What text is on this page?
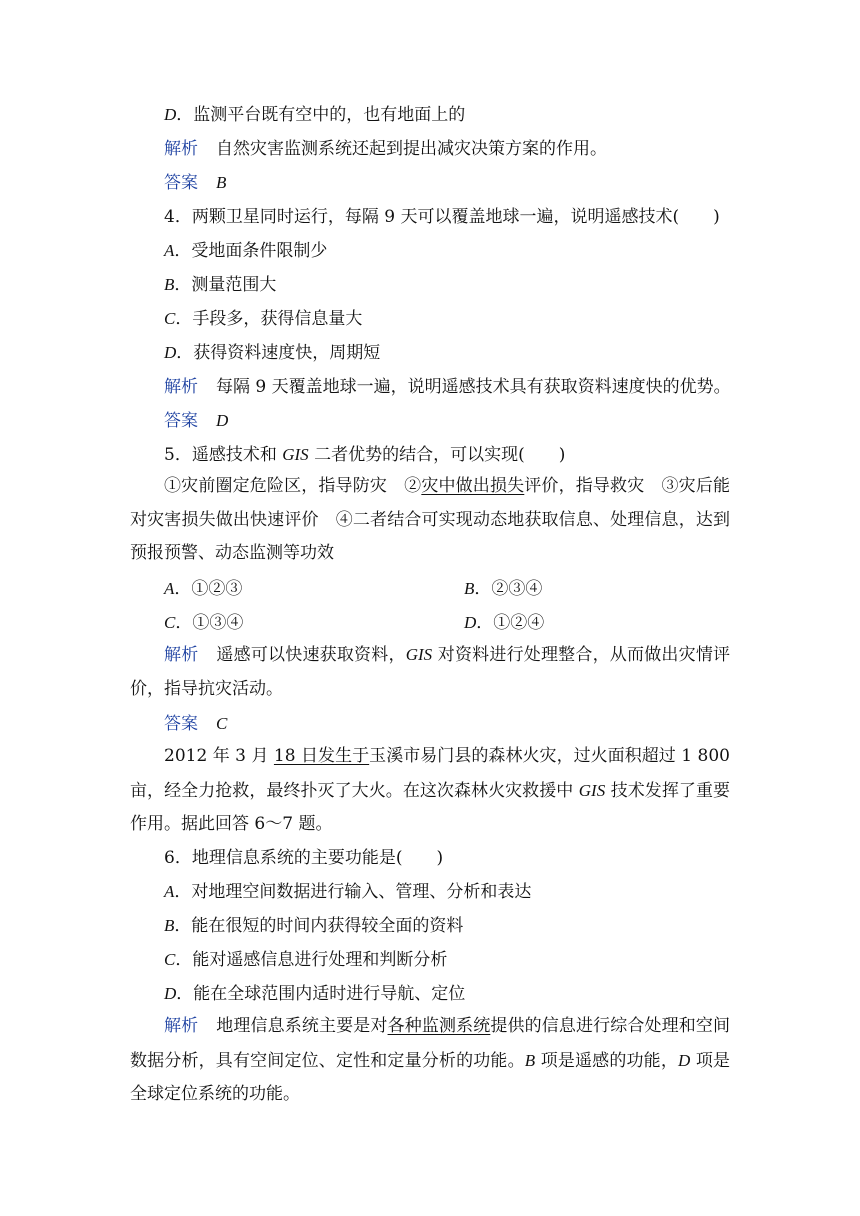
D．监测平台既有空中的，也有地面上的
解析 自然灾害监测系统还起到提出减灾决策方案的作用。
答案 B
4．两颗卫星同时运行，每隔 9 天可以覆盖地球一遍，说明遥感技术(　　)
A．受地面条件限制少
B．测量范围大
C．手段多，获得信息量大
D．获得资料速度快，周期短
解析 每隔 9 天覆盖地球一遍，说明遥感技术具有获取资料速度快的优势。
答案 D
5．遥感技术和 GIS 二者优势的结合，可以实现(　　)
①灾前圈定危险区，指导防灾　②灾中做出损失评价，指导救灾　③灾后能对灾害损失做出快速评价　④二者结合可实现动态地获取信息、处理信息，达到预报预警、动态监测等功效
A．①②③	B．②③④
C．①③④	D．①②④
解析 遥感可以快速获取资料，GIS 对资料进行处理整合，从而做出灾情评价，指导抗灾活动。
答案 C
2012 年 3 月 18 日发生于玉溪市易门县的森林火灾，过火面积超过 1 800 亩，经全力抢救，最终扑灭了大火。在这次森林火灾救援中 GIS 技术发挥了重要作用。据此回答 6～7 题。
6．地理信息系统的主要功能是(　　)
A．对地理空间数据进行输入、管理、分析和表达
B．能在很短的时间内获得较全面的资料
C．能对遥感信息进行处理和判断分析
D．能在全球范围内适时进行导航、定位
解析 地理信息系统主要是对各种监测系统提供的信息进行综合处理和空间数据分析，具有空间定位、定性和定量分析的功能。B 项是遥感的功能，D 项是全球定位系统的功能。
